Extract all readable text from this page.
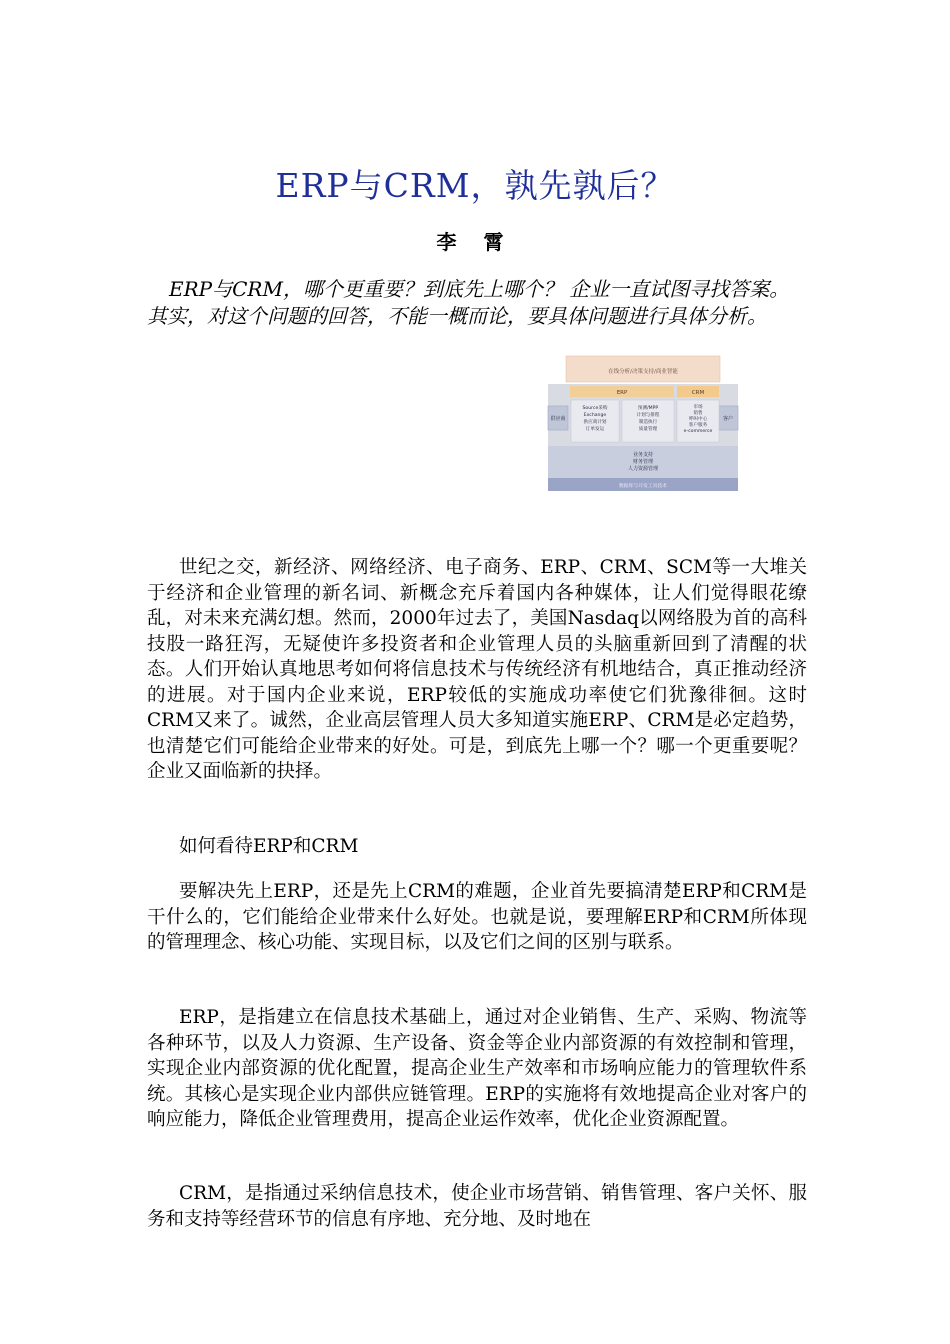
ERP与CRM，孰先孰后？
李 霄

ERP与CRM，哪个更重要？到底先上哪个？ 企业一直试图寻找答案。其实，对这个问题的回答，不能一概而论，要具体问题进行具体分析。

在线分析/决策支持/商业智能
ERP	CRM
供应商	客户
Source采购
Exchange
供应商计划
订单发运
预测/MPP
计划与排程
制造执行
质量管理
市场
销售
呼叫中心
客户服务
e-commerce
业务支持
财务管理
人力资源管理
数据库与开发工具技术

世纪之交，新经济、网络经济、电子商务、ERP、CRM、SCM等一大堆关于经济和企业管理的新名词、新概念充斥着国内各种媒体，让人们觉得眼花缭乱，对未来充满幻想。然而，2000年过去了，美国Nasdaq以网络股为首的高科技股一路狂泻，无疑使许多投资者和企业管理人员的头脑重新回到了清醒的状态。人们开始认真地思考如何将信息技术与传统经济有机地结合，真正推动经济的进展。对于国内企业来说，ERP较低的实施成功率使它们犹豫徘徊。这时CRM又来了。诚然，企业高层管理人员大多知道实施ERP、CRM是必定趋势，也清楚它们可能给企业带来的好处。可是，到底先上哪一个？哪一个更重要呢？企业又面临新的抉择。

如何看待ERP和CRM

要解决先上ERP，还是先上CRM的难题，企业首先要搞清楚ERP和CRM是干什么的，它们能给企业带来什么好处。也就是说，要理解ERP和CRM所体现的管理理念、核心功能、实现目标，以及它们之间的区别与联系。

ERP，是指建立在信息技术基础上，通过对企业销售、生产、采购、物流等各种环节，以及人力资源、生产设备、资金等企业内部资源的有效控制和管理，实现企业内部资源的优化配置，提高企业生产效率和市场响应能力的管理软件系统。其核心是实现企业内部供应链管理。ERP的实施将有效地提高企业对客户的响应能力，降低企业管理费用，提高企业运作效率，优化企业资源配置。

CRM，是指通过采纳信息技术，使企业市场营销、销售管理、客户关怀、服务和支持等经营环节的信息有序地、充分地、及时地在
